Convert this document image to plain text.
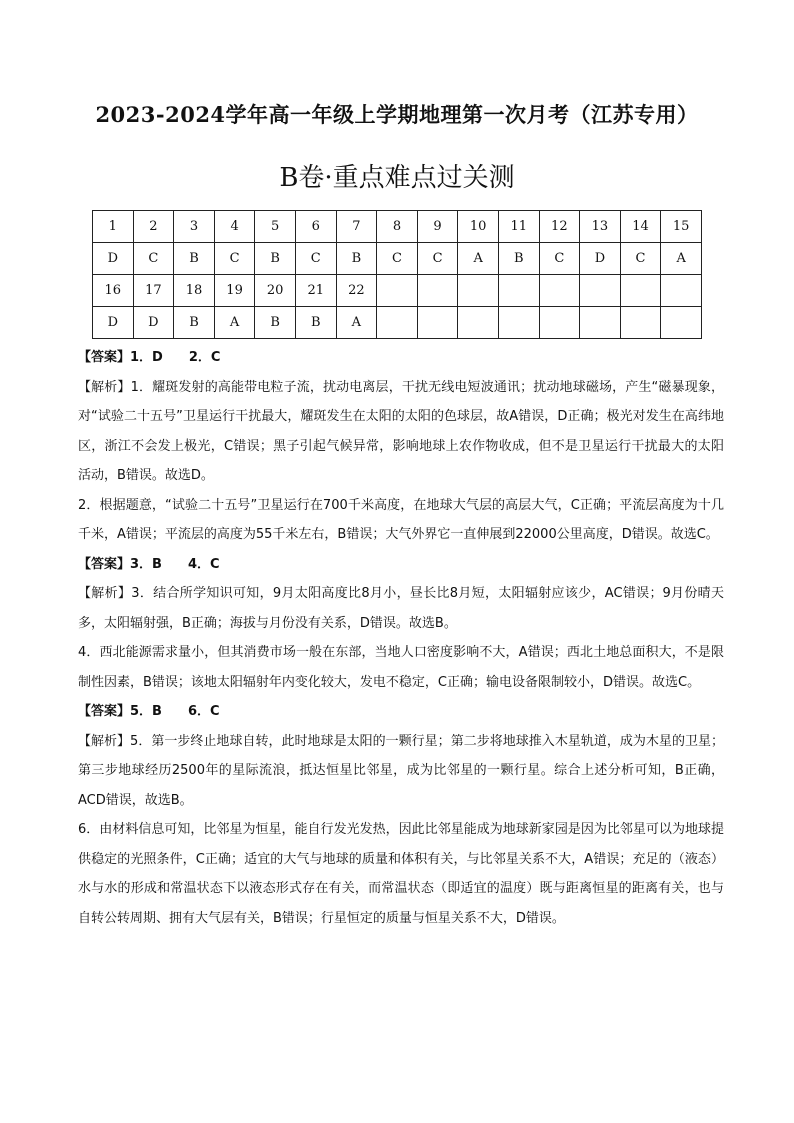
2023-2024学年高一年级上学期地理第一次月考（江苏专用）
B卷·重点难点过关测
1	2	3	4	5	6	7	8	9	10	11	12	13	14	15
D	C	B	C	B	C	B	C	C	A	B	C	D	C	A
16	17	18	19	20	21	22								
D	D	B	A	B	B	A								

【答案】1．D　　2．C

【解析】1．耀斑发射的高能带电粒子流，扰动电离层，干扰无线电短波通讯；扰动地球磁场，产生“磁暴现象，对“试验二十五号”卫星运行干扰最大，耀斑发生在太阳的太阳的色球层，故A错误，D正确；极光对发生在高纬地区，浙江不会发上极光，C错误；黑子引起气候异常，影响地球上农作物收成，但不是卫星运行干扰最大的太阳活动，B错误。故选D。

2．根据题意，“试验二十五号”卫星运行在700千米高度，在地球大气层的高层大气，C正确；平流层高度为十几千米，A错误；平流层的高度为55千米左右，B错误；大气外界它一直伸展到22000公里高度，D错误。故选C。

【答案】3．B　　4．C

【解析】3．结合所学知识可知，9月太阳高度比8月小，昼长比8月短，太阳辐射应该少，AC错误；9月份晴天多，太阳辐射强，B正确；海拔与月份没有关系，D错误。故选B。

4．西北能源需求量小，但其消费市场一般在东部，当地人口密度影响不大，A错误；西北土地总面积大，不是限制性因素，B错误；该地太阳辐射年内变化较大，发电不稳定，C正确；输电设备限制较小，D错误。故选C。

【答案】5．B　　6．C

【解析】5．第一步终止地球自转，此时地球是太阳的一颗行星；第二步将地球推入木星轨道，成为木星的卫星；第三步地球经历2500年的星际流浪，抵达恒星比邻星，成为比邻星的一颗行星。综合上述分析可知，B正确，ACD错误，故选B。

6．由材料信息可知，比邻星为恒星，能自行发光发热，因此比邻星能成为地球新家园是因为比邻星可以为地球提供稳定的光照条件，C正确；适宜的大气与地球的质量和体积有关，与比邻星关系不大，A错误；充足的（液态）水与水的形成和常温状态下以液态形式存在有关，而常温状态（即适宜的温度）既与距离恒星的距离有关，也与自转公转周期、拥有大气层有关，B错误；行星恒定的质量与恒星关系不大，D错误。
